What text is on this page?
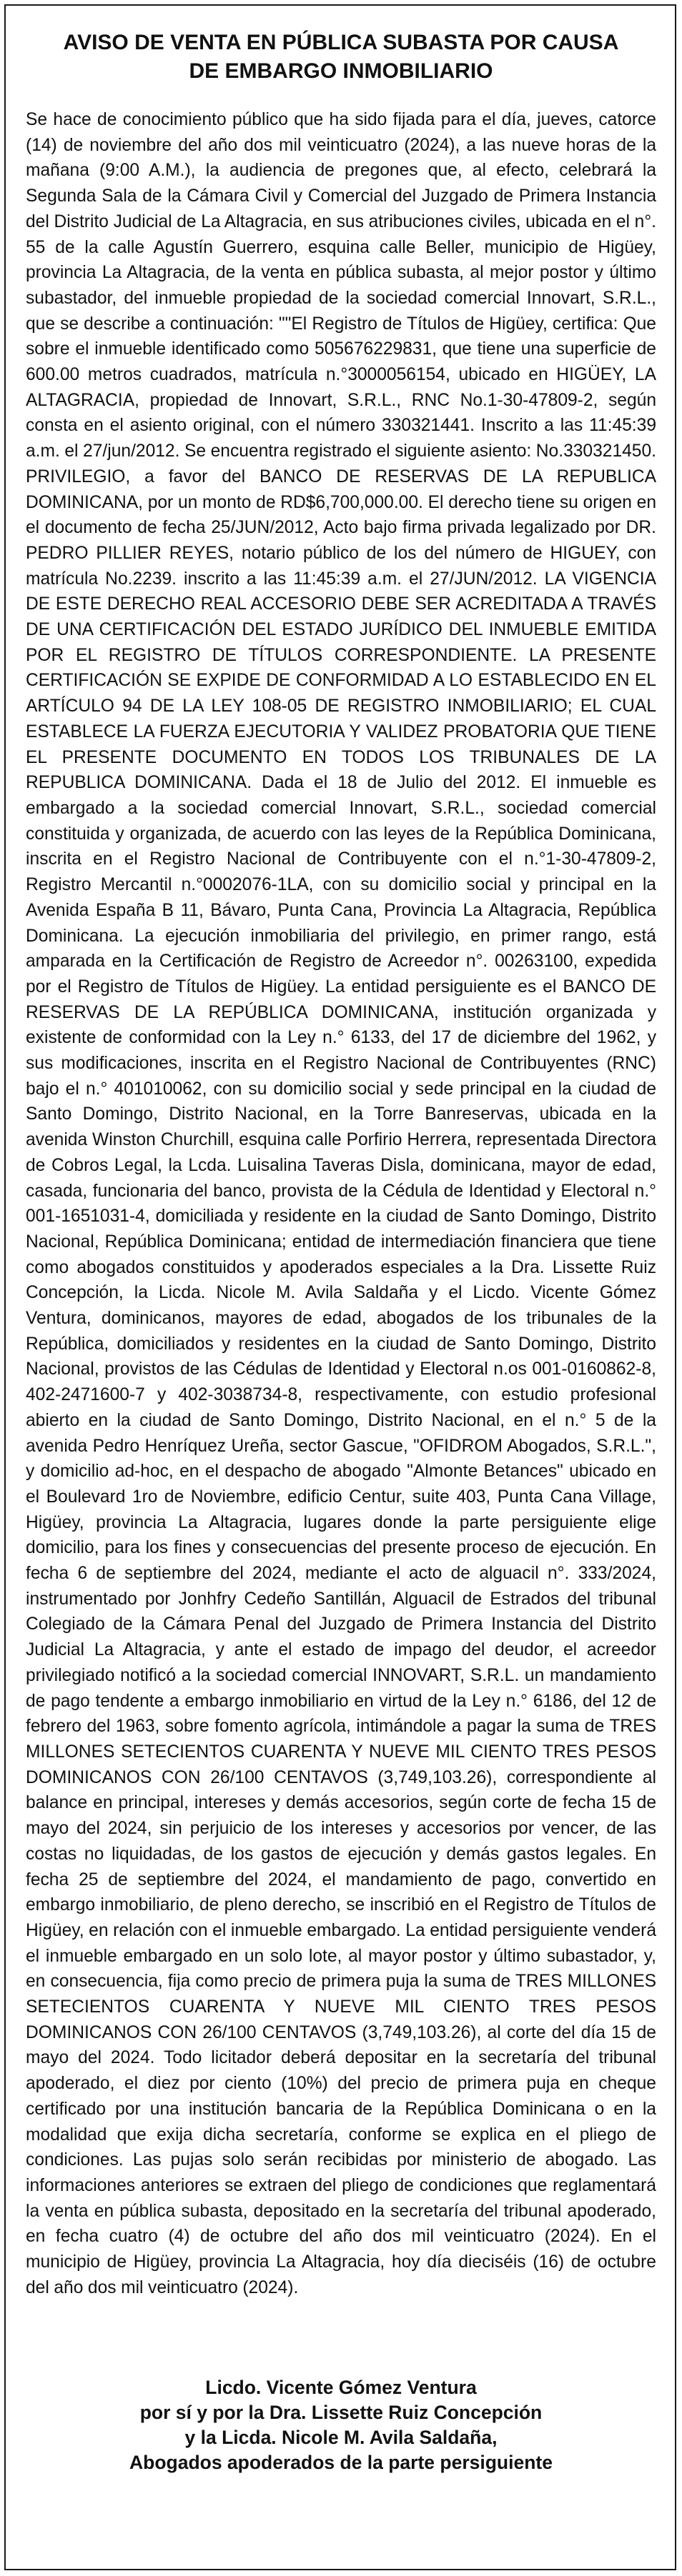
AVISO DE VENTA EN PÚBLICA SUBASTA POR CAUSA
DE EMBARGO INMOBILIARIO

Se hace de conocimiento público que ha sido fijada para el día, jueves, catorce (14) de noviembre del año dos mil veinticuatro (2024), a las nueve horas de la mañana (9:00 A.M.), la audiencia de pregones que, al efecto, celebrará la Segunda Sala de la Cámara Civil y Comercial del Juzgado de Primera Instancia del Distrito Judicial de La Altagracia, en sus atribuciones civiles, ubicada en el n°. 55 de la calle Agustín Guerrero, esquina calle Beller, municipio de Higüey, provincia La Altagracia, de la venta en pública subasta, al mejor postor y último subastador, del inmueble propiedad de la sociedad comercial Innovart, S.R.L., que se describe a continuación: ""El Registro de Títulos de Higüey, certifica: Que sobre el inmueble identificado como 505676229831, que tiene una superficie de 600.00 metros cuadrados, matrícula n.°3000056154, ubicado en HIGÜEY, LA ALTAGRACIA, propiedad de Innovart, S.R.L., RNC No.1-30-47809-2, según consta en el asiento original, con el número 330321441. Inscrito a las 11:45:39 a.m. el 27/jun/2012. Se encuentra registrado el siguiente asiento: No.330321450. PRIVILEGIO, a favor del BANCO DE RESERVAS DE LA REPUBLICA DOMINICANA, por un monto de RD$6,700,000.00. El derecho tiene su origen en el documento de fecha 25/JUN/2012, Acto bajo firma privada legalizado por DR. PEDRO PILLIER REYES, notario público de los del número de HIGUEY, con matrícula No.2239. inscrito a las 11:45:39 a.m. el 27/JUN/2012. LA VIGENCIA DE ESTE DERECHO REAL ACCESORIO DEBE SER ACREDITADA A TRAVÉS DE UNA CERTIFICACIÓN DEL ESTADO JURÍDICO DEL INMUEBLE EMITIDA POR EL REGISTRO DE TÍTULOS CORRESPONDIENTE. LA PRESENTE CERTIFICACIÓN SE EXPIDE DE CONFORMIDAD A LO ESTABLECIDO EN EL ARTÍCULO 94 DE LA LEY 108-05 DE REGISTRO INMOBILIARIO; EL CUAL ESTABLECE LA FUERZA EJECUTORIA Y VALIDEZ PROBATORIA QUE TIENE EL PRESENTE DOCUMENTO EN TODOS LOS TRIBUNALES DE LA REPUBLICA DOMINICANA. Dada el 18 de Julio del 2012. El inmueble es embargado a la sociedad comercial Innovart, S.R.L., sociedad comercial constituida y organizada, de acuerdo con las leyes de la República Dominicana, inscrita en el Registro Nacional de Contribuyente con el n.°1-30-47809-2, Registro Mercantil n.°0002076-1LA, con su domicilio social y principal en la Avenida España B 11, Bávaro, Punta Cana, Provincia La Altagracia, República Dominicana. La ejecución inmobiliaria del privilegio, en primer rango, está amparada en la Certificación de Registro de Acreedor n°. 00263100, expedida por el Registro de Títulos de Higüey. La entidad persiguiente es el BANCO DE RESERVAS DE LA REPÚBLICA DOMINICANA, institución organizada y existente de conformidad con la Ley n.° 6133, del 17 de diciembre del 1962, y sus modificaciones, inscrita en el Registro Nacional de Contribuyentes (RNC) bajo el n.° 401010062, con su domicilio social y sede principal en la ciudad de Santo Domingo, Distrito Nacional, en la Torre Banreservas, ubicada en la avenida Winston Churchill, esquina calle Porfirio Herrera, representada Directora de Cobros Legal, la Lcda. Luisalina Taveras Disla, dominicana, mayor de edad, casada, funcionaria del banco, provista de la Cédula de Identidad y Electoral n.° 001-1651031-4, domiciliada y residente en la ciudad de Santo Domingo, Distrito Nacional, República Dominicana; entidad de intermediación financiera que tiene como abogados constituidos y apoderados especiales a la Dra. Lissette Ruiz Concepción, la Licda. Nicole M. Avila Saldaña y el Licdo. Vicente Gómez Ventura, dominicanos, mayores de edad, abogados de los tribunales de la República, domiciliados y residentes en la ciudad de Santo Domingo, Distrito Nacional, provistos de las Cédulas de Identidad y Electoral n.os 001-0160862-8, 402-2471600-7 y 402-3038734-8, respectivamente, con estudio profesional abierto en la ciudad de Santo Domingo, Distrito Nacional, en el n.° 5 de la avenida Pedro Henríquez Ureña, sector Gascue, "OFIDROM Abogados, S.R.L.", y domicilio ad-hoc, en el despacho de abogado "Almonte Betances" ubicado en el Boulevard 1ro de Noviembre, edificio Centur, suite 403, Punta Cana Village, Higüey, provincia La Altagracia, lugares donde la parte persiguiente elige domicilio, para los fines y consecuencias del presente proceso de ejecución. En fecha 6 de septiembre del 2024, mediante el acto de alguacil n°. 333/2024, instrumentado por Jonhfry Cedeño Santillán, Alguacil de Estrados del tribunal Colegiado de la Cámara Penal del Juzgado de Primera Instancia del Distrito Judicial La Altagracia, y ante el estado de impago del deudor, el acreedor privilegiado notificó a la sociedad comercial INNOVART, S.R.L. un mandamiento de pago tendente a embargo inmobiliario en virtud de la Ley n.° 6186, del 12 de febrero del 1963, sobre fomento agrícola, intimándole a pagar la suma de TRES MILLONES SETECIENTOS CUARENTA Y NUEVE MIL CIENTO TRES PESOS DOMINICANOS CON 26/100 CENTAVOS (3,749,103.26), correspondiente al balance en principal, intereses y demás accesorios, según corte de fecha 15 de mayo del 2024, sin perjuicio de los intereses y accesorios por vencer, de las costas no liquidadas, de los gastos de ejecución y demás gastos legales. En fecha 25 de septiembre del 2024, el mandamiento de pago, convertido en embargo inmobiliario, de pleno derecho, se inscribió en el Registro de Títulos de Higüey, en relación con el inmueble embargado. La entidad persiguiente venderá el inmueble embargado en un solo lote, al mayor postor y último subastador, y, en consecuencia, fija como precio de primera puja la suma de TRES MILLONES SETECIENTOS CUARENTA Y NUEVE MIL CIENTO TRES PESOS DOMINICANOS CON 26/100 CENTAVOS (3,749,103.26), al corte del día 15 de mayo del 2024. Todo licitador deberá depositar en la secretaría del tribunal apoderado, el diez por ciento (10%) del precio de primera puja en cheque certificado por una institución bancaria de la República Dominicana o en la modalidad que exija dicha secretaría, conforme se explica en el pliego de condiciones. Las pujas solo serán recibidas por ministerio de abogado. Las informaciones anteriores se extraen del pliego de condiciones que reglamentará la venta en pública subasta, depositado en la secretaría del tribunal apoderado, en fecha cuatro (4) de octubre del año dos mil veinticuatro (2024). En el municipio de Higüey, provincia La Altagracia, hoy día dieciséis (16) de octubre del año dos mil veinticuatro (2024).

Licdo. Vicente Gómez Ventura
por sí y por la Dra. Lissette Ruiz Concepción
y la Licda. Nicole M. Avila Saldaña,
Abogados apoderados de la parte persiguiente
